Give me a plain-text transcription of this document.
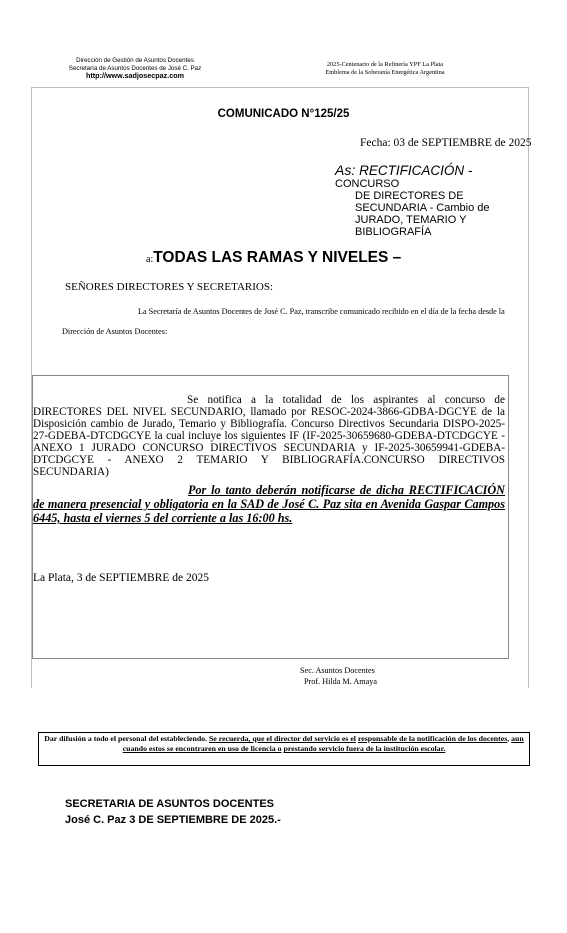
Dirección de Gestión de Asuntos Docentes
Secretaría de Asuntos Docentes de José C. Paz
http://www.sadjosecpaz.com
2025-Centenario de la Refinería YPF La Plata
Emblema de la Soberanía Energética Argentina
COMUNICADO N°125/25
Fecha: 03 de SEPTIEMBRE de 2025
As: RECTIFICACIÓN - CONCURSO
DE DIRECTORES DE SECUNDARIA - Cambio de JURADO, TEMARIO Y BIBLIOGRAFÍA
a:TODAS LAS RAMAS Y NIVELES –
SEÑORES DIRECTORES Y SECRETARIOS:
La Secretaría de Asuntos Docentes de José C. Paz, transcribe comunicado recibido en el día de la fecha desde la
Dirección de Asuntos Docentes:
Se notifica a la totalidad de los aspirantes al concurso de DIRECTORES DEL NIVEL SECUNDARIO, llamado por RESOC-2024-3866-GDBA-DGCYE de la Disposición cambio de Jurado, Temario y Bibliografía. Concurso Directivos Secundaria DISPO-2025-27-GDEBA-DTCDGCYE la cual incluye los siguientes IF (IF-2025-30659680-GDEBA-DTCDGCYE - ANEXO 1 JURADO CONCURSO DIRECTIVOS SECUNDARIA y IF-2025-30659941-GDEBA-DTCDGCYE - ANEXO 2 TEMARIO Y BIBLIOGRAFÍA.CONCURSO DIRECTIVOS SECUNDARIA)
Por lo tanto deberán notificarse de dicha RECTIFICACIÓN de manera presencial y obligatoria en la SAD de José C. Paz sita en Avenida Gaspar Campos 6445, hasta el viernes 5 del corriente a las 16:00 hs.
La Plata, 3 de SEPTIEMBRE de 2025
Sec. Asuntos Docentes
Prof. Hilda M. Amaya
Dar difusión a todo el personal del estableciendo. Se recuerda, que el director del servicio es el responsable de la notificación de los docentes, aun cuando estos se encontraren en uso de licencia o prestando servicio fuera de la institución escolar.
SECRETARIA DE ASUNTOS DOCENTES
José C. Paz 3 DE SEPTIEMBRE DE 2025.-
